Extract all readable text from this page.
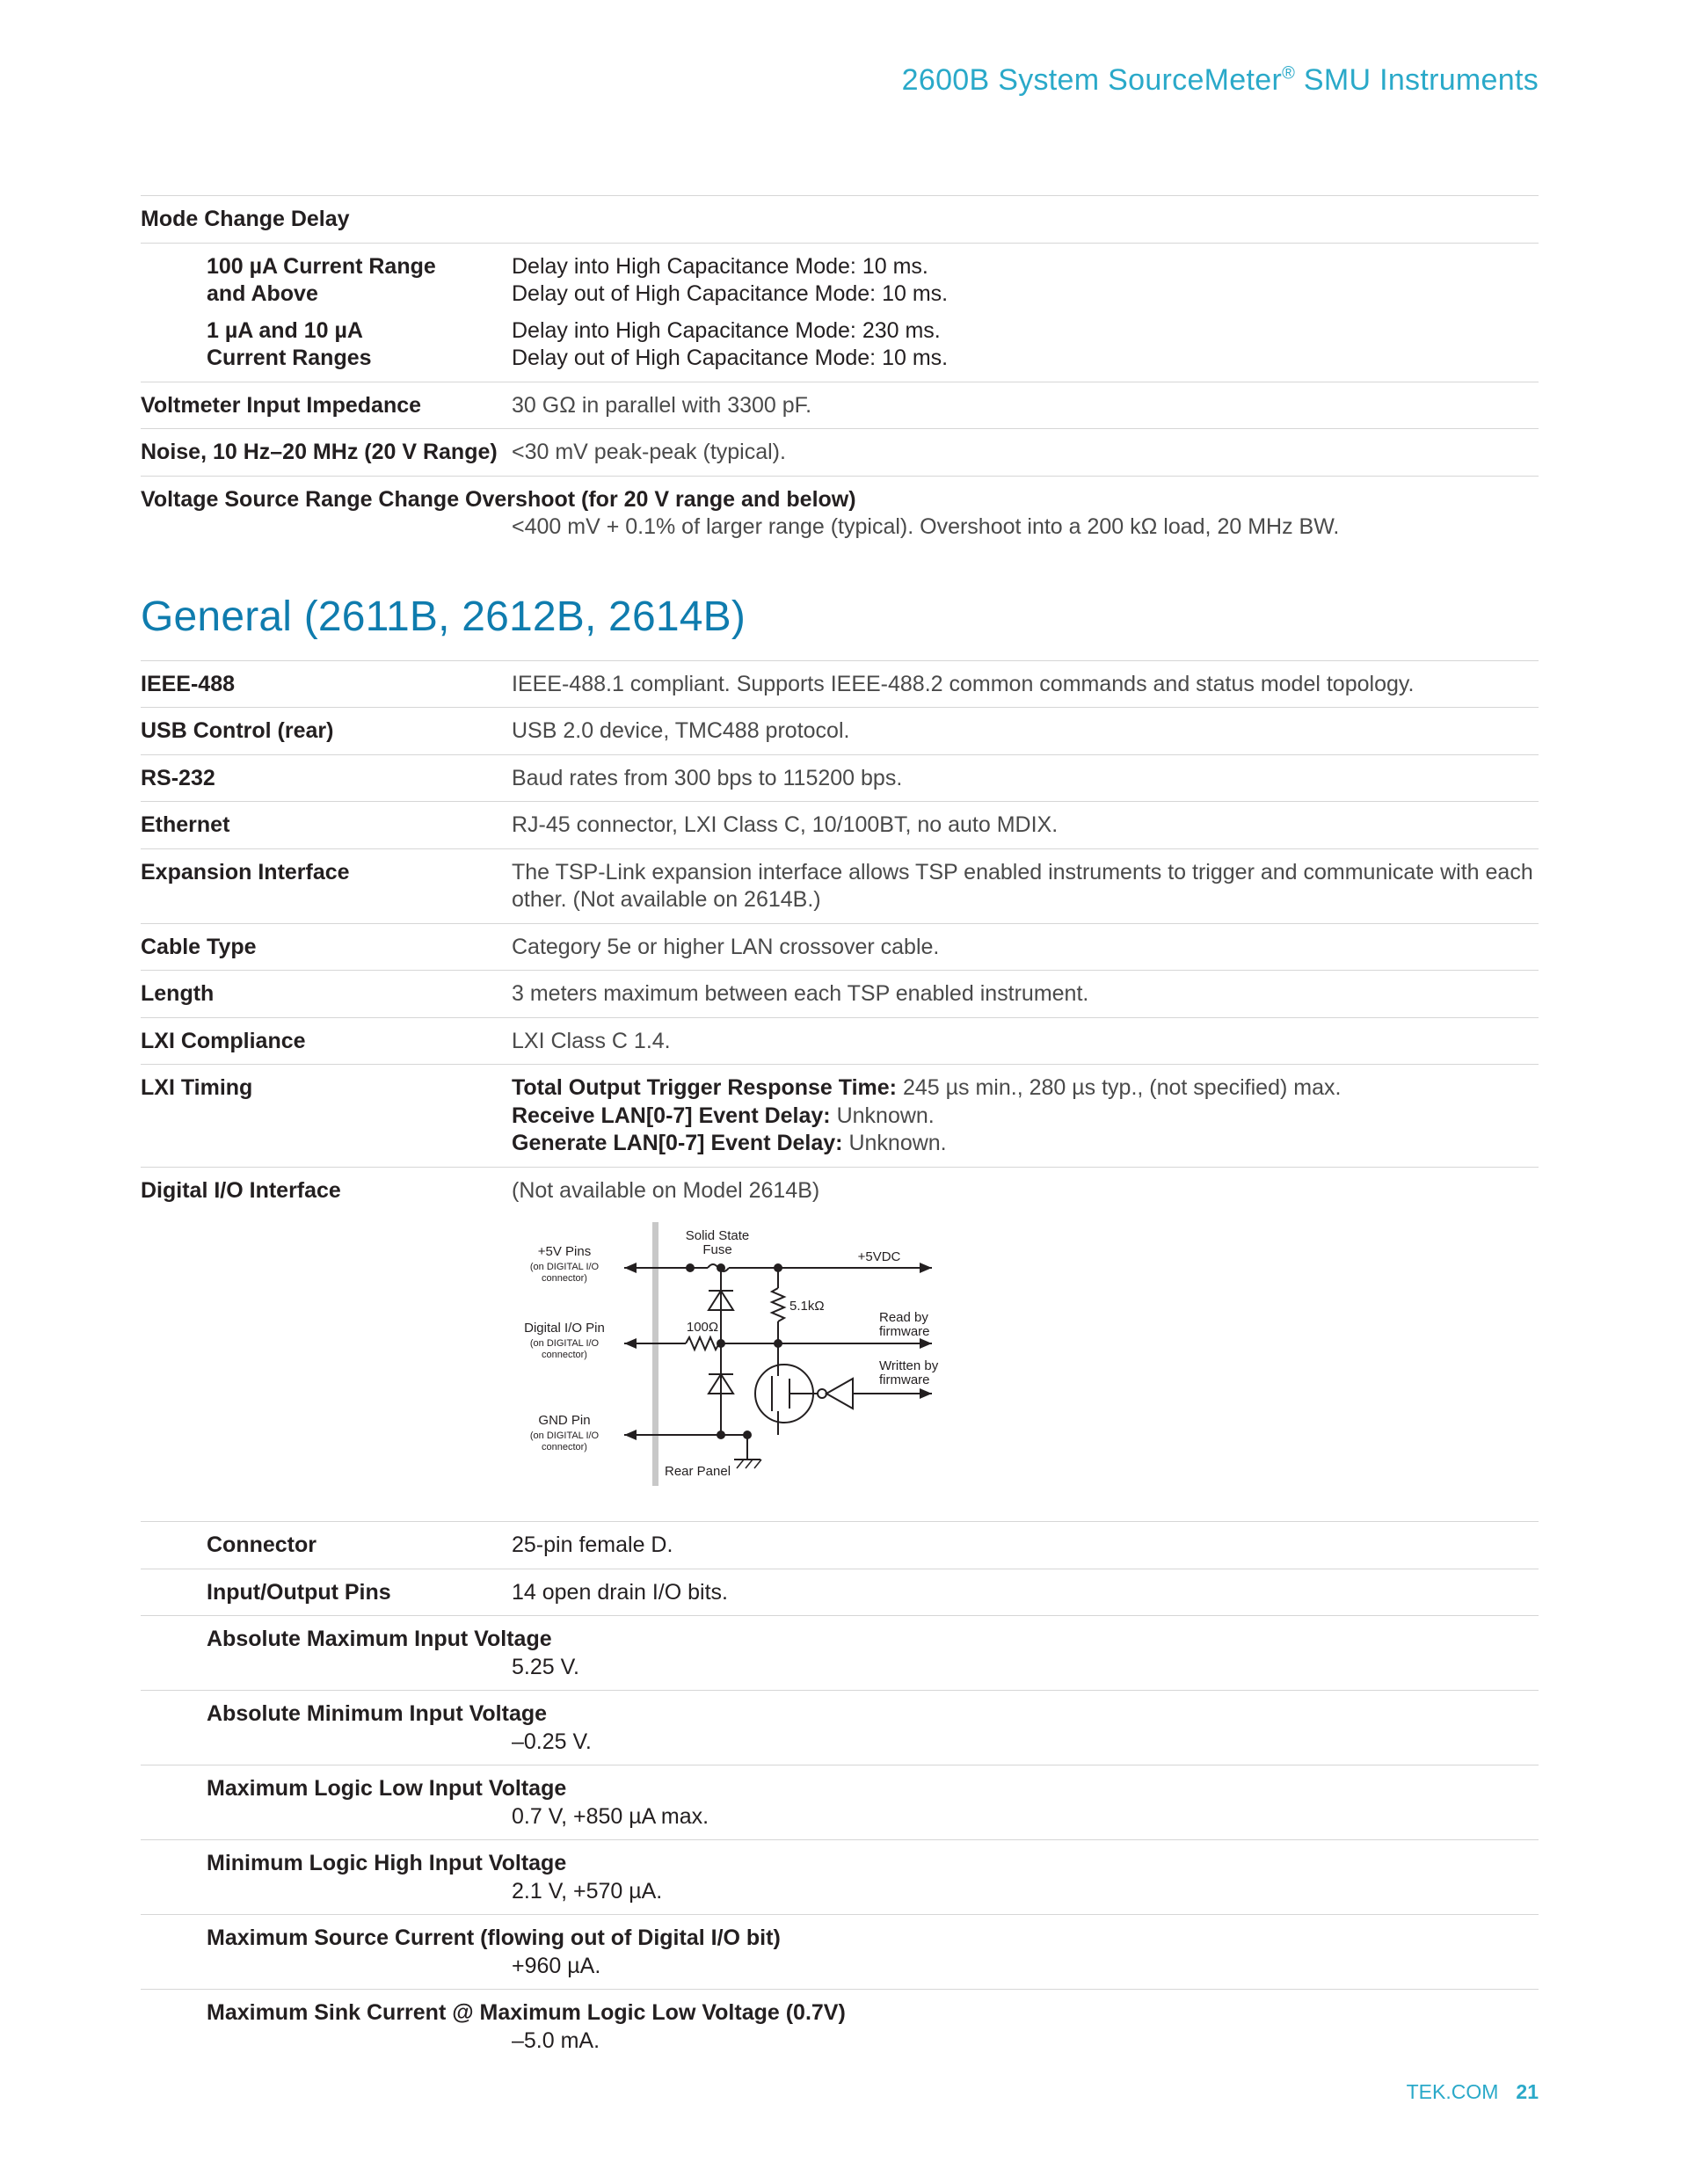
2600B System SourceMeter® SMU Instruments
Mode Change Delay
100 µA Current Range
and Above
Delay into High Capacitance Mode: 10 ms.
Delay out of High Capacitance Mode: 10 ms.
1 µA and 10 µA
Current Ranges
Delay into High Capacitance Mode: 230 ms.
Delay out of High Capacitance Mode: 10 ms.
Voltmeter Input Impedance	30 GΩ in parallel with 3300 pF.
Noise, 10 Hz–20 MHz (20 V Range) <30 mV peak-peak (typical).
Voltage Source Range Change Overshoot (for 20 V range and below)
<400 mV + 0.1% of larger range (typical). Overshoot into a 200 kΩ load, 20 MHz BW.
General (2611B, 2612B, 2614B)
IEEE-488	IEEE-488.1 compliant. Supports IEEE-488.2 common commands and status model topology.
USB Control (rear)	USB 2.0 device, TMC488 protocol.
RS-232	Baud rates from 300 bps to 115200 bps.
Ethernet	RJ-45 connector, LXI Class C, 10/100BT, no auto MDIX.
Expansion Interface	The TSP-Link expansion interface allows TSP enabled instruments to trigger and communicate with each other. (Not available on 2614B.)
Cable Type	Category 5e or higher LAN crossover cable.
Length	3 meters maximum between each TSP enabled instrument.
LXI Compliance	LXI Class C 1.4.
LXI Timing	Total Output Trigger Response Time: 245 µs min., 280 µs typ., (not specified) max.
Receive LAN[0-7] Event Delay: Unknown.
Generate LAN[0-7] Event Delay: Unknown.
Digital I/O Interface	(Not available on Model 2614B)
+5V Pins
(on DIGITAL I/O
connector)
Digital I/O Pin
(on DIGITAL I/O
connector)
GND Pin
(on DIGITAL I/O
connector)
Solid State
Fuse	+5VDC
5.1kΩ
100Ω
Read by
firmware
Written by
firmware
Rear Panel
Connector	25-pin female D.
Input/Output Pins	14 open drain I/O bits.
Absolute Maximum Input Voltage
5.25 V.
Absolute Minimum Input Voltage
–0.25 V.
Maximum Logic Low Input Voltage
0.7 V, +850 µA max.
Minimum Logic High Input Voltage
2.1 V, +570 µA.
Maximum Source Current (flowing out of Digital I/O bit)
+960 µA.
Maximum Sink Current @ Maximum Logic Low Voltage (0.7V)
–5.0 mA.
TEK.COM 21
